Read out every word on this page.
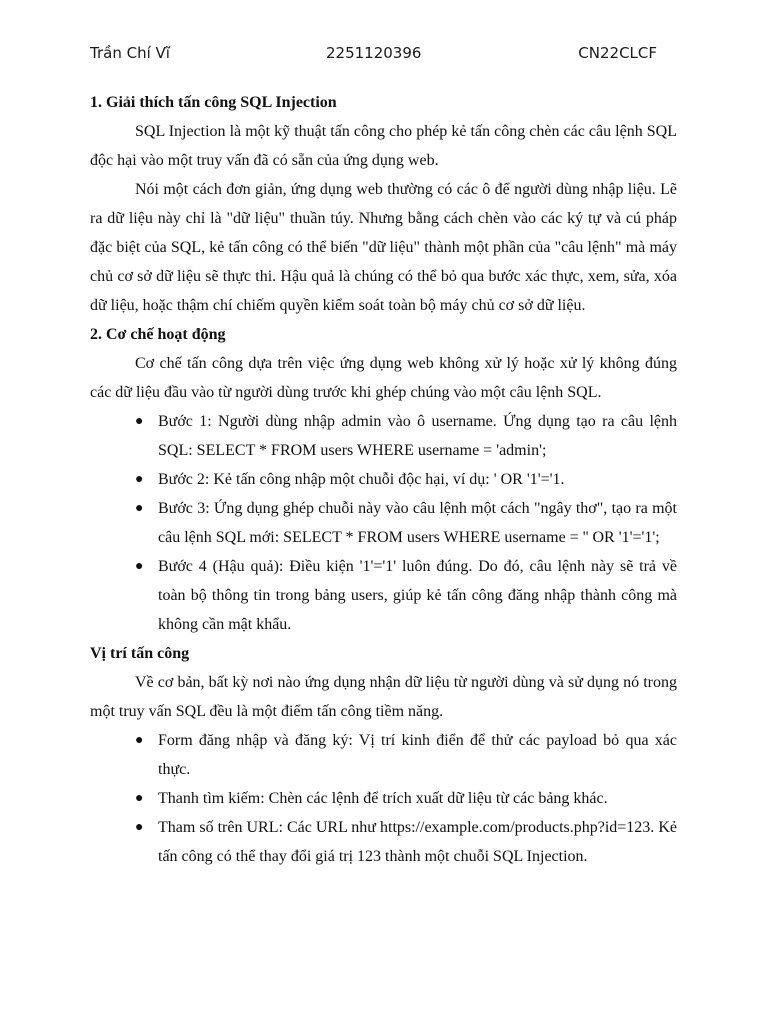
Trần Chí Vĩ	2251120396	CN22CLCF
1. Giải thích tấn công SQL Injection

SQL Injection là một kỹ thuật tấn công cho phép kẻ tấn công chèn các câu lệnh SQL độc hại vào một truy vấn đã có sẵn của ứng dụng web.

Nói một cách đơn giản, ứng dụng web thường có các ô để người dùng nhập liệu. Lẽ ra dữ liệu này chỉ là "dữ liệu" thuần túy. Nhưng bằng cách chèn vào các ký tự và cú pháp đặc biệt của SQL, kẻ tấn công có thể biến "dữ liệu" thành một phần của "câu lệnh" mà máy chủ cơ sở dữ liệu sẽ thực thi. Hậu quả là chúng có thể bỏ qua bước xác thực, xem, sửa, xóa dữ liệu, hoặc thậm chí chiếm quyền kiểm soát toàn bộ máy chủ cơ sở dữ liệu.

2. Cơ chế hoạt động

Cơ chế tấn công dựa trên việc ứng dụng web không xử lý hoặc xử lý không đúng các dữ liệu đầu vào từ người dùng trước khi ghép chúng vào một câu lệnh SQL.

● Bước 1: Người dùng nhập admin vào ô username. Ứng dụng tạo ra câu lệnh SQL: SELECT * FROM users WHERE username = 'admin';
● Bước 2: Kẻ tấn công nhập một chuỗi độc hại, ví dụ: ' OR '1'='1.
● Bước 3: Ứng dụng ghép chuỗi này vào câu lệnh một cách "ngây thơ", tạo ra một câu lệnh SQL mới: SELECT * FROM users WHERE username = '' OR '1'='1';
● Bước 4 (Hậu quả): Điều kiện '1'='1' luôn đúng. Do đó, câu lệnh này sẽ trả về toàn bộ thông tin trong bảng users, giúp kẻ tấn công đăng nhập thành công mà không cần mật khẩu.
Vị trí tấn công

Về cơ bản, bất kỳ nơi nào ứng dụng nhận dữ liệu từ người dùng và sử dụng nó trong một truy vấn SQL đều là một điểm tấn công tiềm năng.

● Form đăng nhập và đăng ký: Vị trí kinh điển để thử các payload bỏ qua xác thực.
● Thanh tìm kiếm: Chèn các lệnh để trích xuất dữ liệu từ các bảng khác.
● Tham số trên URL: Các URL như https://example.com/products.php?id=123. Kẻ tấn công có thể thay đổi giá trị 123 thành một chuỗi SQL Injection.
